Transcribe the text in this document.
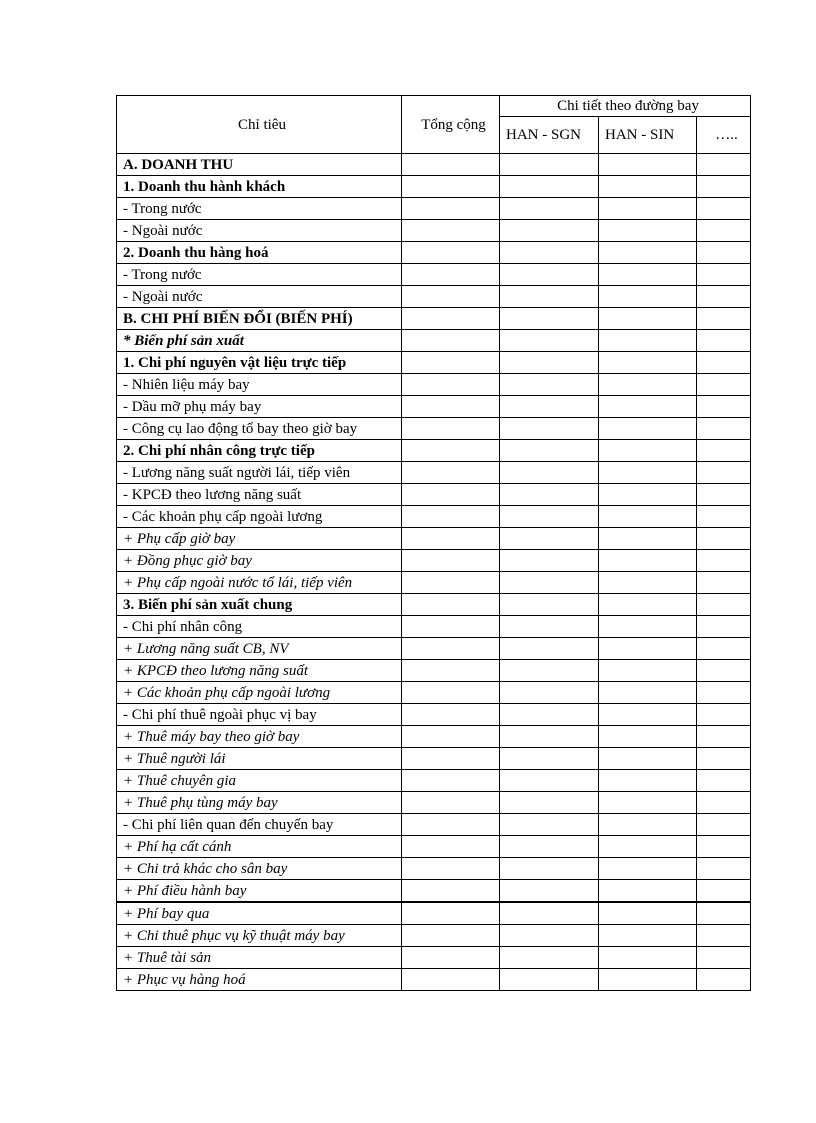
Chỉ tiêu	Tổng cộng	Chi tiết theo đường bay		
		HAN - SGN	HAN - SIN	…..
A. DOANH THU				
1. Doanh thu hành khách				
- Trong nước				
- Ngoài nước				
2. Doanh thu hàng hoá				
- Trong nước				
- Ngoài nước				
B. CHI PHÍ BIẾN ĐỔI (BIẾN PHÍ)				
* Biến phí sản xuất				
1. Chi phí nguyên vật liệu trực tiếp				
- Nhiên liệu máy bay				
- Dầu mỡ phụ máy bay				
- Công cụ lao động tổ bay theo giờ bay				
2. Chi phí nhân công trực tiếp				
- Lương năng suất người lái, tiếp viên				
- KPCĐ theo lương năng suất				
- Các khoản phụ cấp ngoài lương				
+ Phụ cấp giờ bay				
+ Đồng phục giờ bay				
+ Phụ cấp ngoài nước tổ lái, tiếp viên				
3. Biến phí sản xuất chung				
- Chi phí nhân công				
+ Lương năng suất CB, NV				
+ KPCĐ theo lương năng suất				
+ Các khoản phụ cấp ngoài lương				
- Chi phí thuê ngoài phục vị bay				
+ Thuê máy bay theo giờ bay				
+ Thuê người lái				
+ Thuê chuyên gia				
+ Thuê phụ tùng máy bay				
- Chi phí liên quan đến chuyến bay				
+ Phí hạ cất cánh				
+ Chi trả khác cho sân bay				
+ Phí điều hành bay				
+ Phí bay qua				
+ Chi thuê phục vụ kỹ thuật máy bay				
+ Thuê tài sản				
+ Phục vụ hàng hoá				
